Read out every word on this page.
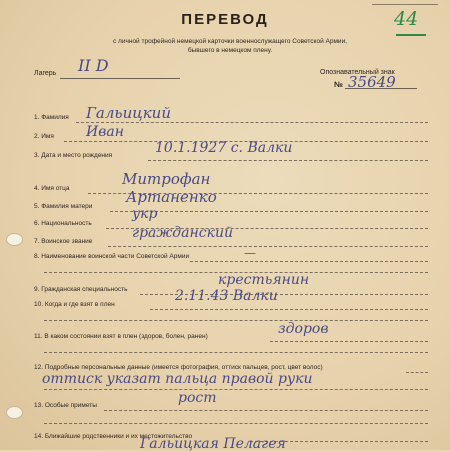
44
ПЕРЕВОД
с личной трофейной немецкой карточки военнослужащего Советской Армии,
бывшего в немецком плену.
Лагерь II D	Опознавательный знак
№ 35649
1. Фамилия Гальицкий
2. Имя Иван
3. Дата и место рождения	10.1.1927 с. Валки
4. Имя отца
Митрофан
5. Фамилия матери
Артаненко
6. Национальность
укр
7. Воинское звание
гражданский
8. Наименование воинской части Советской Армии	—
9. Гражданская специальность
крестьянин
10. Когда и где взят в плен
2.11.43 Валки
11. В каком состоянии взят в плен (здоров, болен, ранен)	здоров
12. Подробные персональные данные (имеется фотография, оттиск пальцев, рост, цвет волос)
оттиск указат пальца правой руки
13. Особые приметы	рост
14. Ближайшие родственники и их местожительство
Гальицкая Пелагея
